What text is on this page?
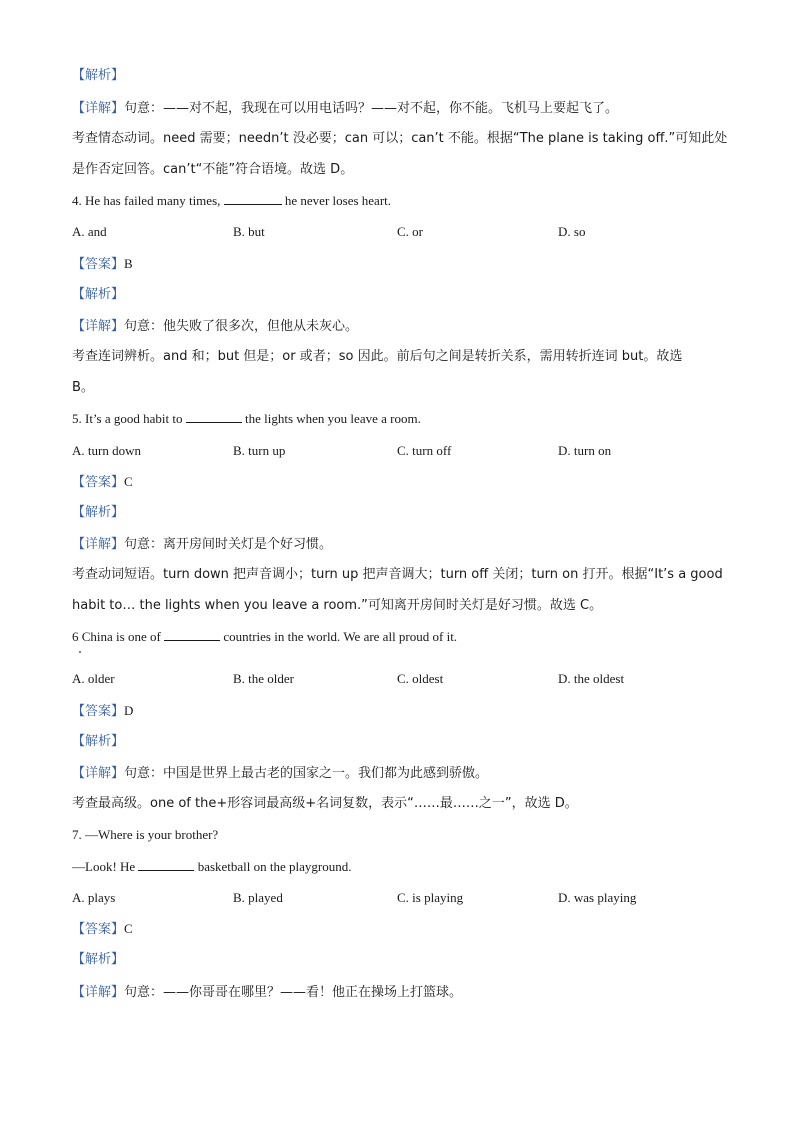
【解析】
【详解】句意：——对不起，我现在可以用电话吗？——对不起，你不能。飞机马上要起飞了。
考查情态动词。need 需要；needn’t 没必要；can 可以；can’t 不能。根据“The plane is taking off.”可知此处
是作否定回答。can’t“不能”符合语境。故选 D。
4. He has failed many times,	he never loses heart.
A. and	B. but	C. or	D. so
【答案】B
【解析】
【详解】句意：他失败了很多次，但他从未灰心。
考查连词辨析。and 和；but 但是；or 或者；so 因此。前后句之间是转折关系，需用转折连词 but。故选
B。
5. It’s a good habit to	the lights when you leave a room.
A. turn down	B. turn up	C. turn off	D. turn on
【答案】C
【解析】
【详解】句意：离开房间时关灯是个好习惯。
考查动词短语。turn down 把声音调小；turn up 把声音调大；turn off 关闭；turn on 打开。根据“It’s a good
habit to… the lights when you leave a room.”可知离开房间时关灯是好习惯。故选 C。
6 China is one of	countries in the world. We are all proud of it.
A. older	B. the older	C. oldest	D. the oldest
【答案】D
【解析】
【详解】句意：中国是世界上最古老的国家之一。我们都为此感到骄傲。
考查最高级。one of the+形容词最高级+名词复数，表示“……最……之一”，故选 D。
7. —Where is your brother?
—Look! He	basketball on the playground.
A. plays	B. played	C. is playing	D. was playing
【答案】C
【解析】
【详解】句意：——你哥哥在哪里？——看！他正在操场上打篮球。
